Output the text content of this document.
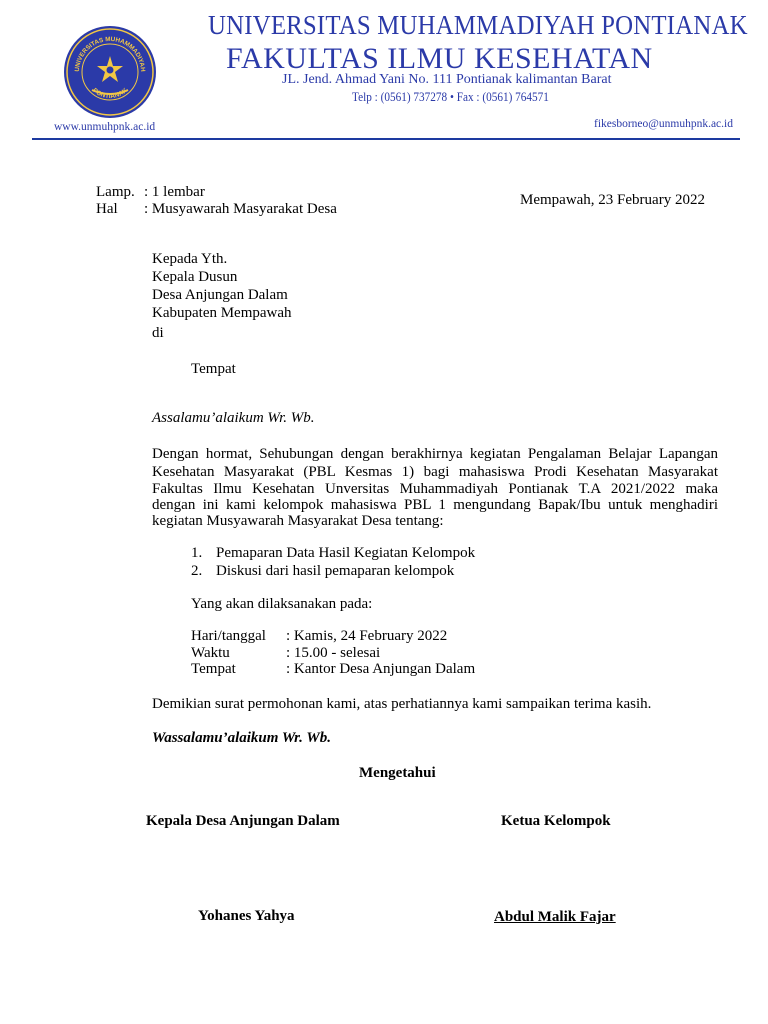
UNIVERSITAS MUHAMMADIYAH
PONTIANAK
UNIVERSITAS MUHAMMADIYAH PONTIANAK
FAKULTAS ILMU KESEHATAN
JL. Jend. Ahmad Yani No. 111 Pontianak kalimantan Barat
Telp : (0561) 737278 • Fax : (0561) 764571
www.unmuhpnk.ac.id	fikesborneo@unmuhpnk.ac.id
Lamp. : 1 lembar
Hal : Musyawarah Masyarakat Desa
Mempawah, 23 February 2022
Kepada Yth.
Kepala Dusun
Desa Anjungan Dalam
Kabupaten Mempawah
di
Tempat
Assalamu’alaikum Wr. Wb.
Dengan hormat, Sehubungan dengan berakhirnya kegiatan Pengalaman Belajar Lapangan
Kesehatan Masyarakat (PBL Kesmas 1) bagi mahasiswa Prodi Kesehatan Masyarakat
Fakultas Ilmu Kesehatan Unversitas Muhammadiyah Pontianak T.A 2021/2022 maka
dengan ini kami kelompok mahasiswa PBL 1 mengundang Bapak/Ibu untuk menghadiri
kegiatan Musyawarah Masyarakat Desa tentang:
1. Pemaparan Data Hasil Kegiatan Kelompok
2. Diskusi dari hasil pemaparan kelompok
Yang akan dilaksanakan pada:
Hari/tanggal : Kamis, 24 February 2022
Waktu	: 15.00 - selesai
Tempat	: Kantor Desa Anjungan Dalam
Demikian surat permohonan kami, atas perhatiannya kami sampaikan terima kasih.
Wassalamu’alaikum Wr. Wb.
Mengetahui
Kepala Desa Anjungan Dalam	Ketua Kelompok
Yohanes Yahya	Abdul Malik Fajar
